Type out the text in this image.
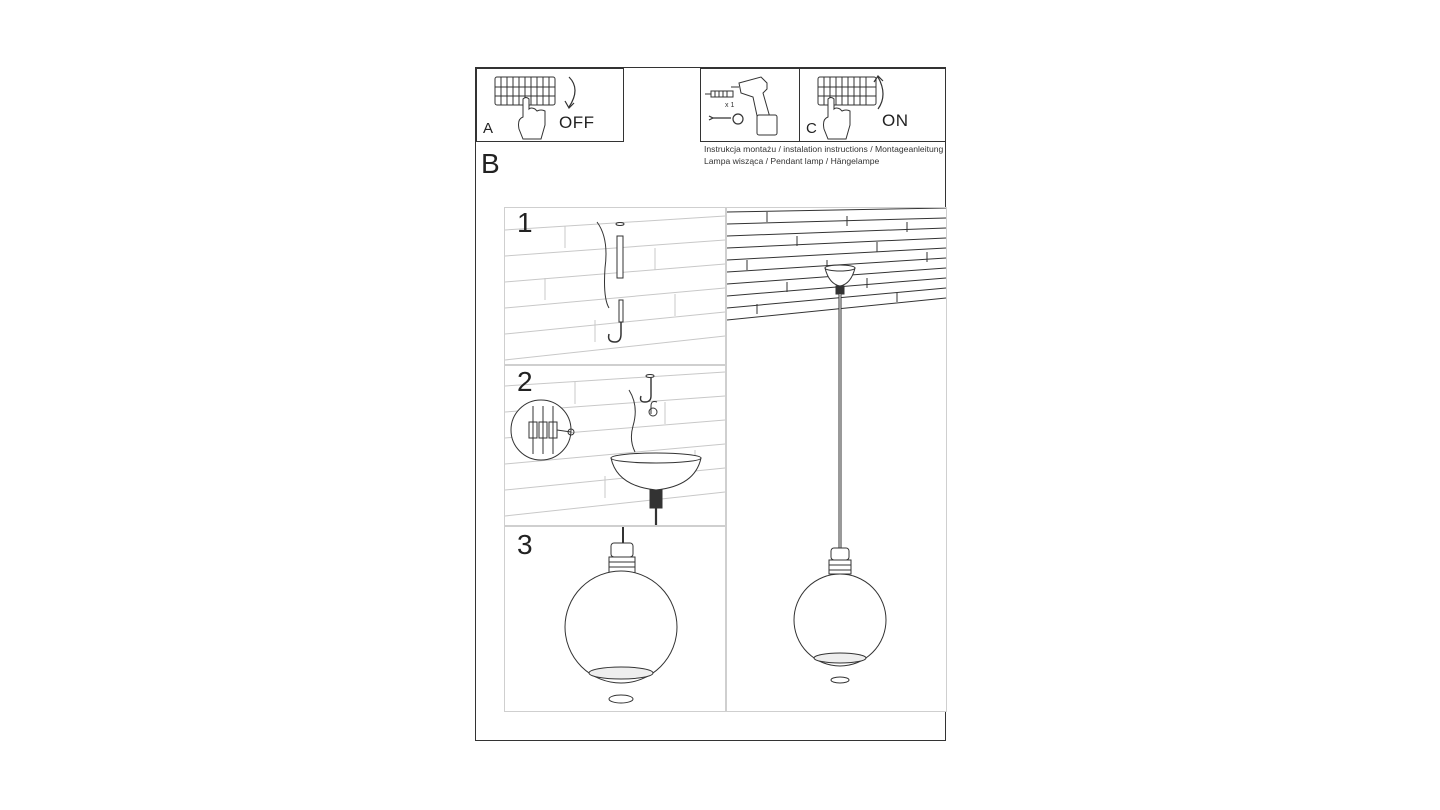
A	OFF
x 1
C	ON
B	Instrukcja montażu / instalation instructions / Montageanleitung
Lampa wisząca / Pendant lamp / Hängelampe
1
2
3
